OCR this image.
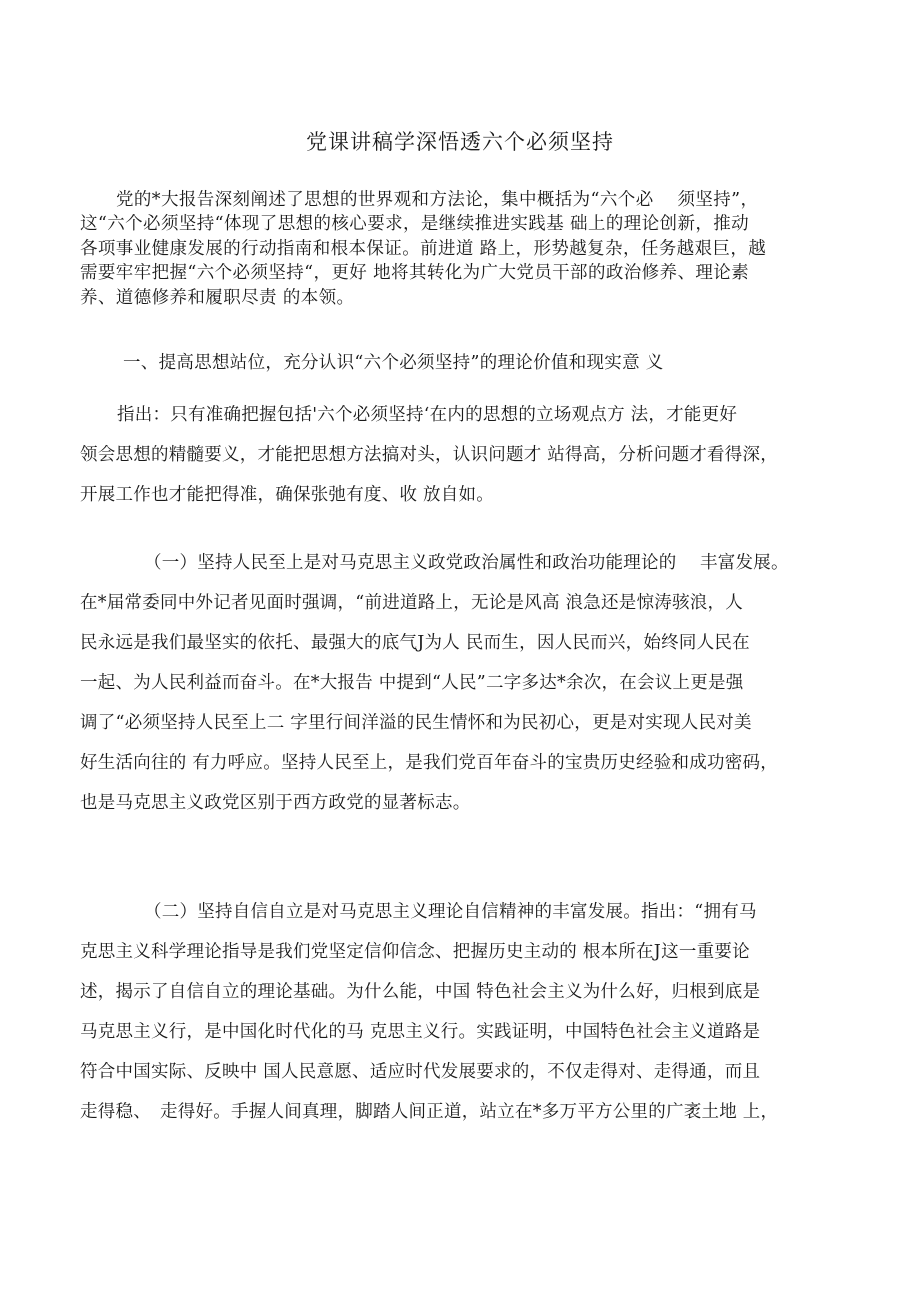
党课讲稿学深悟透六个必须坚持
党的*大报告深刻阐述了思想的世界观和方法论，集中概括为“六个必　 须坚持”，
这“六个必须坚持“体现了思想的核心要求，是继续推进实践基 础上的理论创新，推动
各项事业健康发展的行动指南和根本保证。前进道 路上，形势越复杂，任务越艰巨，越
需要牢牢把握“六个必须坚持“，更好 地将其转化为广大党员干部的政治修养、理论素
养、道德修养和履职尽责 的本领。
一、提高思想站位，充分认识“六个必须坚持”的理论价值和现实意 义
指出：只有准确把握包括'六个必须坚持‘在内的思想的立场观点方 法，才能更好
领会思想的精髓要义，才能把思想方法搞对头，认识问题才 站得高，分析问题才看得深，
开展工作也才能把得准，确保张弛有度、收 放自如。
（一）坚持人民至上是对马克思主义政党政治属性和政治功能理论的　 丰富发展。
在*届常委同中外记者见面时强调，“前进道路上，无论是风高 浪急还是惊涛骇浪，人
民永远是我们最坚实的依托、最强大的底气J为人 民而生，因人民而兴，始终同人民在
一起、为人民利益而奋斗。在*大报告 中提到“人民”二字多达*余次，在会议上更是强
调了“必须坚持人民至上二 字里行间洋溢的民生情怀和为民初心，更是对实现人民对美
好生活向往的 有力呼应。坚持人民至上，是我们党百年奋斗的宝贵历史经验和成功密码，
也是马克思主义政党区别于西方政党的显著标志。
（二）坚持自信自立是对马克思主义理论自信精神的丰富发展。指出：“拥有马
克思主义科学理论指导是我们党坚定信仰信念、把握历史主动的 根本所在J这一重要论
述，揭示了自信自立的理论基础。为什么能，中国 特色社会主义为什么好，归根到底是
马克思主义行，是中国化时代化的马 克思主义行。实践证明，中国特色社会主义道路是
符合中国实际、反映中 国人民意愿、适应时代发展要求的，不仅走得对、走得通，而且
走得稳、　走得好。手握人间真理，脚踏人间正道，站立在*多万平方公里的广袤土地 上，
